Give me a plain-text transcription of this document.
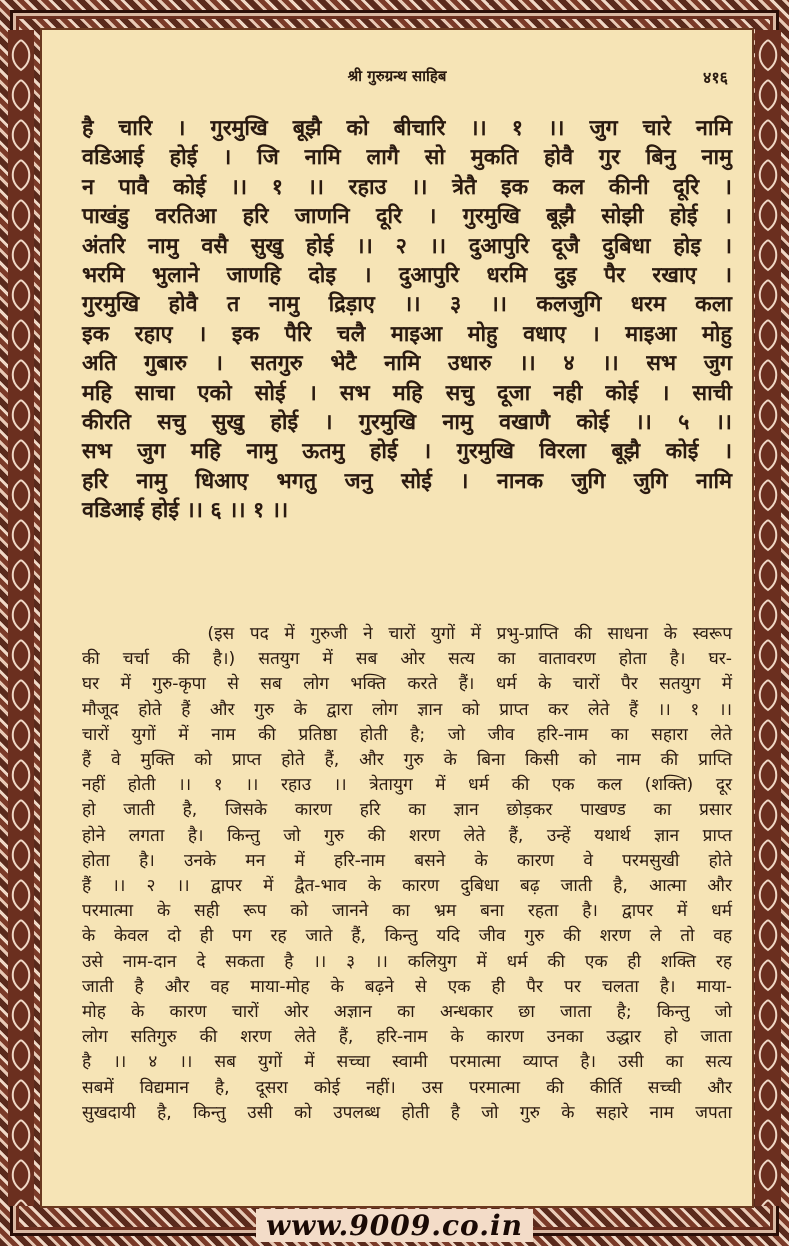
श्री गुरुग्रन्थ साहिब	४१६
है चारि । गुरमुखि बूझै को बीचारि ।। १ ।। जुग चारे नामि
वडिआई होई । जि नामि लागै सो मुकति होवै गुर बिनु नामु
न पावै कोई ।। १ ।। रहाउ ।। त्रेतै इक कल कीनी दूरि ।
पाखंडु वरतिआ हरि जाणनि दूरि । गुरमुखि बूझै सोझी होई ।
अंतरि नामु वसै सुखु होई ।। २ ।। दुआपुरि दूजै दुबिधा होइ ।
भरमि भुलाने जाणहि दोइ । दुआपुरि धरमि दुइ पैर रखाए ।
गुरमुखि होवै त नामु द्रिड़ाए ।। ३ ।। कलजुगि धरम कला
इक रहाए । इक पैरि चलै माइआ मोहु वधाए । माइआ मोहु
अति गुबारु । सतगुरु भेटै नामि उधारु ।। ४ ।। सभ जुग
महि साचा एको सोई । सभ महि सचु दूजा नही कोई । साची
कीरति सचु सुखु होई । गुरमुखि नामु वखाणै कोई ।। ५ ।।
सभ जुग महि नामु ऊतमु होई । गुरमुखि विरला बूझै कोई ।
हरि नामु धिआए भगतु जनु सोई । नानक जुगि जुगि नामि
वडिआई होई ।। ६ ।। १ ।।
(इस पद में गुरुजी ने चारों युगों में प्रभु-प्राप्ति की साधना के स्वरूप
की चर्चा की है।) सतयुग में सब ओर सत्य का वातावरण होता है। घर-
घर में गुरु-कृपा से सब लोग भक्ति करते हैं। धर्म के चारों पैर सतयुग में
मौजूद होते हैं और गुरु के द्वारा लोग ज्ञान को प्राप्त कर लेते हैं ।। १ ।।
चारों युगों में नाम की प्रतिष्ठा होती है; जो जीव हरि-नाम का सहारा लेते
हैं वे मुक्ति को प्राप्त होते हैं, और गुरु के बिना किसी को नाम की प्राप्ति
नहीं होती ।। १ ।। रहाउ ।। त्रेतायुग में धर्म की एक कल (शक्ति) दूर
हो जाती है, जिसके कारण हरि का ज्ञान छोड़कर पाखण्ड का प्रसार
होने लगता है। किन्तु जो गुरु की शरण लेते हैं, उन्हें यथार्थ ज्ञान प्राप्त
होता है। उनके मन में हरि-नाम बसने के कारण वे परमसुखी होते
हैं ।। २ ।। द्वापर में द्वैत-भाव के कारण दुबिधा बढ़ जाती है, आत्मा और
परमात्मा के सही रूप को जानने का भ्रम बना रहता है। द्वापर में धर्म
के केवल दो ही पग रह जाते हैं, किन्तु यदि जीव गुरु की शरण ले तो वह
उसे नाम-दान दे सकता है ।। ३ ।। कलियुग में धर्म की एक ही शक्ति रह
जाती है और वह माया-मोह के बढ़ने से एक ही पैर पर चलता है। माया-
मोह के कारण चारों ओर अज्ञान का अन्धकार छा जाता है; किन्तु जो
लोग सतिगुरु की शरण लेते हैं, हरि-नाम के कारण उनका उद्धार हो जाता
है ।। ४ ।। सब युगों में सच्चा स्वामी परमात्मा व्याप्त है। उसी का सत्य
सबमें विद्यमान है, दूसरा कोई नहीं। उस परमात्मा की कीर्ति सच्ची और
सुखदायी है, किन्तु उसी को उपलब्ध होती है जो गुरु के सहारे नाम जपता
www.9009.co.in
